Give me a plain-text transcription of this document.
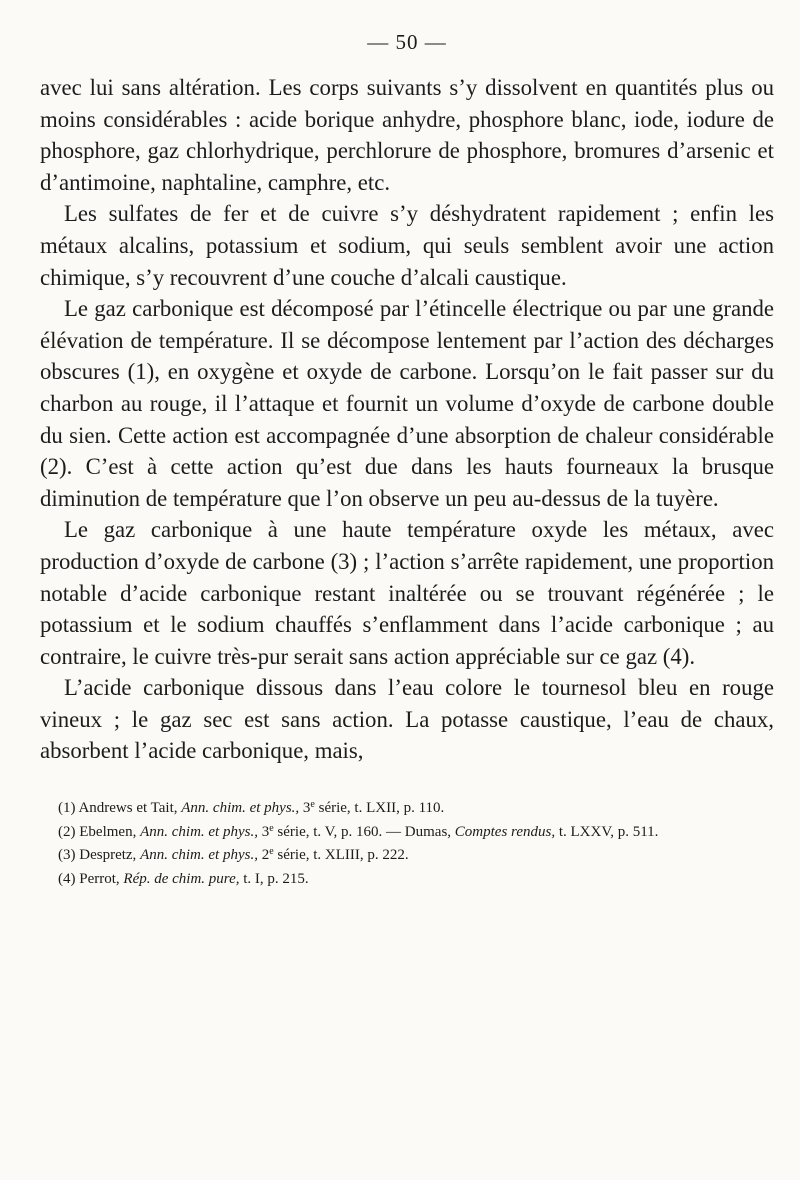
— 50 —

avec lui sans altération. Les corps suivants s’y dissolvent en quantités plus ou moins considérables : acide borique anhydre, phosphore blanc, iode, iodure de phosphore, gaz chlorhydrique, perchlorure de phosphore, bromures d’arsenic et d’antimoine, naphtaline, camphre, etc.

Les sulfates de fer et de cuivre s’y déshydratent rapidement ; enfin les métaux alcalins, potassium et sodium, qui seuls semblent avoir une action chimique, s’y recouvrent d’une couche d’alcali caustique.

Le gaz carbonique est décomposé par l’étincelle électrique ou par une grande élévation de température. Il se décompose lentement par l’action des décharges obscures (1), en oxygène et oxyde de carbone. Lorsqu’on le fait passer sur du charbon au rouge, il l’attaque et fournit un volume d’oxyde de carbone double du sien. Cette action est accompagnée d’une absorption de chaleur considérable (2). C’est à cette action qu’est due dans les hauts fourneaux la brusque diminution de température que l’on observe un peu au-dessus de la tuyère.

Le gaz carbonique à une haute température oxyde les métaux, avec production d’oxyde de carbone (3) ; l’action s’arrête rapidement, une proportion notable d’acide carbonique restant inaltérée ou se trouvant régénérée ; le potassium et le sodium chauffés s’enflamment dans l’acide carbonique ; au contraire, le cuivre très-pur serait sans action appréciable sur ce gaz (4).

L’acide carbonique dissous dans l’eau colore le tournesol bleu en rouge vineux ; le gaz sec est sans action. La potasse caustique, l’eau de chaux, absorbent l’acide carbonique, mais,

(1) Andrews et Tait, Ann. chim. et phys., 3e série, t. LXII, p. 110.

(2) Ebelmen, Ann. chim. et phys., 3e série, t. V, p. 160. — Dumas, Comptes rendus, t. LXXV, p. 511.

(3) Despretz, Ann. chim. et phys., 2e série, t. XLIII, p. 222.

(4) Perrot, Rép. de chim. pure, t. I, p. 215.
